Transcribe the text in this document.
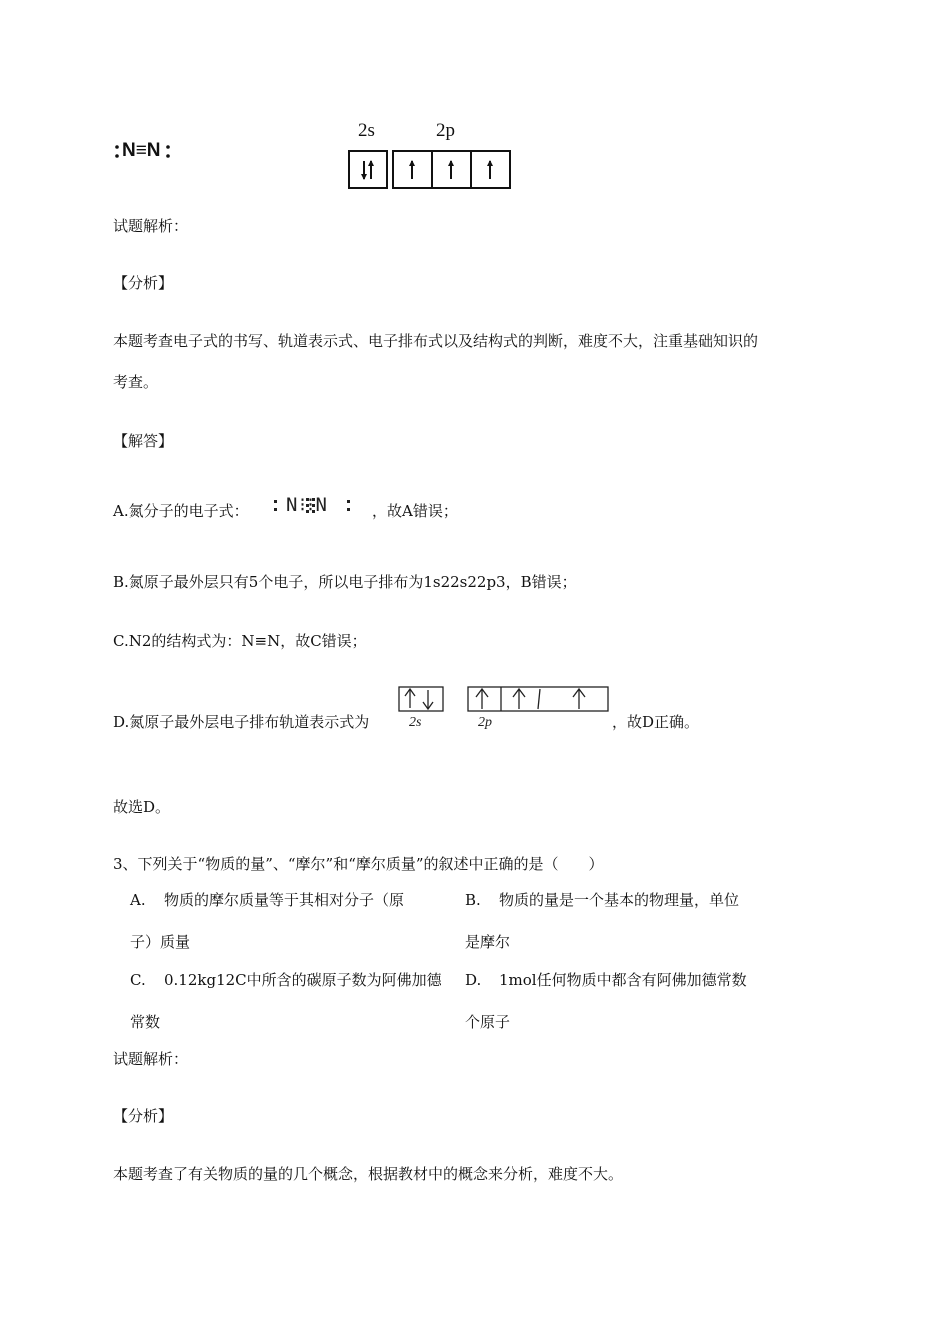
N≡N
2s	2p
试题解析：
【分析】
本题考查电子式的书写、轨道表示式、电子排布式以及结构式的判断，难度不大，注重基础知识的
考查。
【解答】
A.氮分子的电子式： N⁝⁝N	，故A错误；
B.氮原子最外层只有5个电子，所以电子排布为1s22s22p3，B错误；
C.N2的结构式为：N≡N，故C错误；
D.氮原子最外层电子排布轨道表示式为	2s	2p	，故D正确。
故选D。
3、下列关于“物质的量”、“摩尔”和“摩尔质量”的叙述中正确的是（　　）
A. 物质的摩尔质量等于其相对分子（原
子）质量
B. 物质的量是一个基本的物理量，单位
是摩尔
C. 0.12kg12C中所含的碳原子数为阿佛加德
常数
D. 1mol任何物质中都含有阿佛加德常数
个原子
试题解析：
【分析】
本题考查了有关物质的量的几个概念，根据教材中的概念来分析，难度不大。
